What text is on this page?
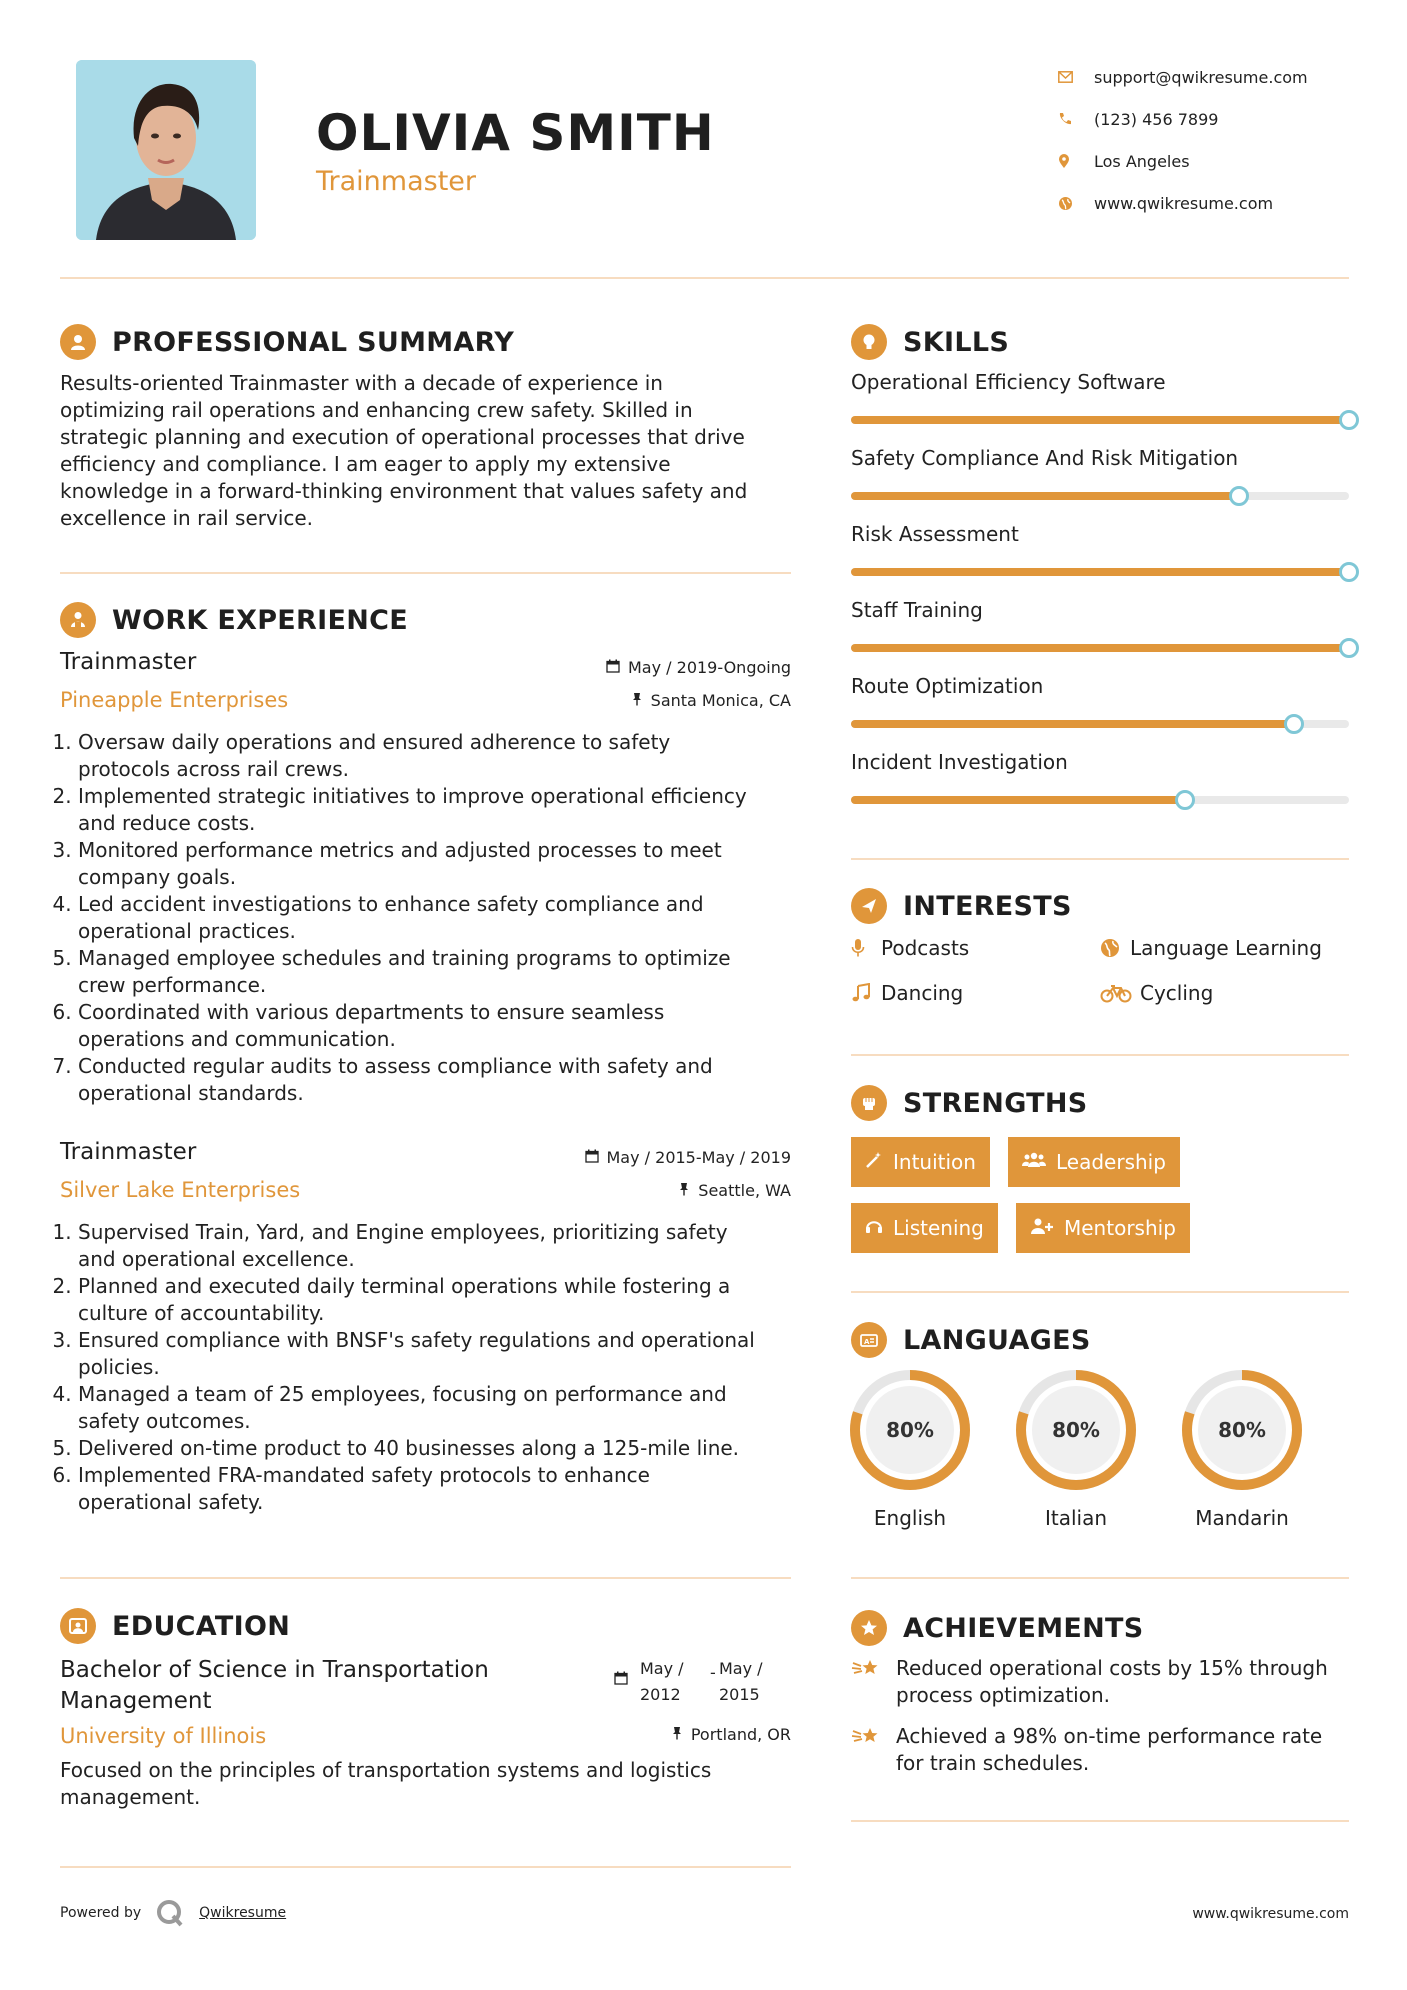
OLIVIA SMITH
Trainmaster
support@qwikresume.com
(123) 456 7899
Los Angeles
www.qwikresume.com
PROFESSIONAL SUMMARY
Results-oriented Trainmaster with a decade of experience in
optimizing rail operations and enhancing crew safety. Skilled in
strategic planning and execution of operational processes that drive
efficiency and compliance. I am eager to apply my extensive
knowledge in a forward-thinking environment that values safety and
excellence in rail service.
WORK EXPERIENCE
Trainmaster
Pineapple Enterprises
May / 2019-Ongoing
Santa Monica, CA
1. Oversaw daily operations and ensured adherence to safety
protocols across rail crews.
2. Implemented strategic initiatives to improve operational efficiency
and reduce costs.
3. Monitored performance metrics and adjusted processes to meet
company goals.
4. Led accident investigations to enhance safety compliance and
operational practices.
5. Managed employee schedules and training programs to optimize
crew performance.
6. Coordinated with various departments to ensure seamless
operations and communication.
7. Conducted regular audits to assess compliance with safety and
operational standards.
Trainmaster
Silver Lake Enterprises
May / 2015-May / 2019
Seattle, WA
1. Supervised Train, Yard, and Engine employees, prioritizing safety
and operational excellence.
2. Planned and executed daily terminal operations while fostering a
culture of accountability.
3. Ensured compliance with BNSF's safety regulations and operational
policies.
4. Managed a team of 25 employees, focusing on performance and
safety outcomes.
5. Delivered on-time product to 40 businesses along a 125-mile line.
6. Implemented FRA-mandated safety protocols to enhance
operational safety.
EDUCATION
Bachelor of Science in Transportation
Management
University of Illinois
May /
2012
- May /
2015
Portland, OR
Focused on the principles of transportation systems and logistics
management.
SKILLS
Operational Efficiency Software
Safety Compliance And Risk Mitigation
Risk Assessment
Staff Training
Route Optimization
Incident Investigation
INTERESTS
Podcasts	Language Learning
Dancing	Cycling
STRENGTHS
Intuition	Leadership
Listening	Mentorship
A LANGUAGES
80%
English
80%
Italian
80%
Mandarin
ACHIEVEMENTS
Reduced operational costs by 15% through
process optimization.
Achieved a 98% on-time performance rate
for train schedules.
Powered by	Qwikresume	www.qwikresume.com
